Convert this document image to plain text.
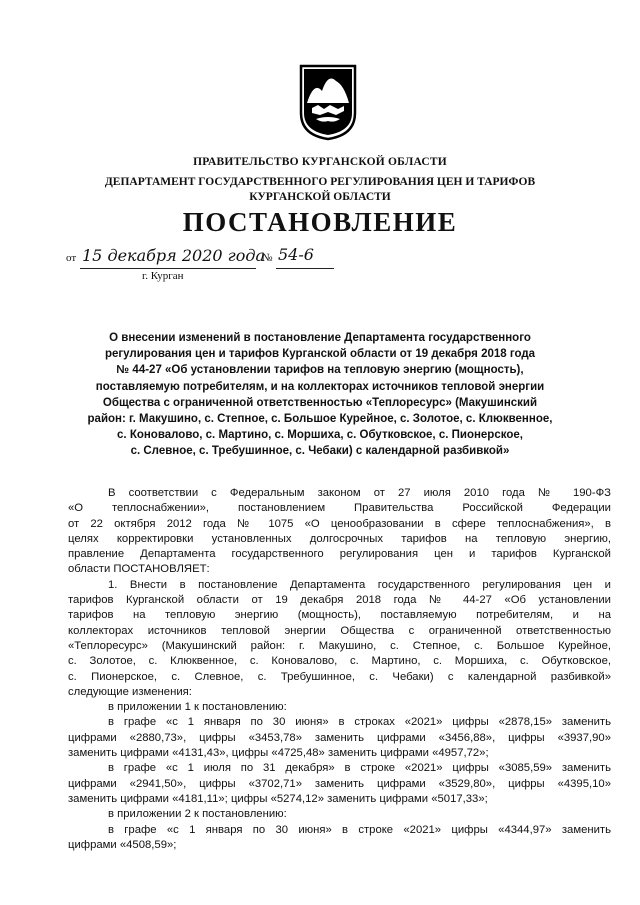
ПРАВИТЕЛЬСТВО КУРГАНСКОЙ ОБЛАСТИ
ДЕПАРТАМЕНТ ГОСУДАРСТВЕННОГО РЕГУЛИРОВАНИЯ ЦЕН И ТАРИФОВ
КУРГАНСКОЙ ОБЛАСТИ
ПОСТАНОВЛЕНИЕ
от 15 декабря 2020 года
№ 54-6
г. Курган
О внесении изменений в постановление Департамента государственного
регулирования цен и тарифов Курганской области от 19 декабря 2018 года
№ 44-27 «Об установлении тарифов на тепловую энергию (мощность),
поставляемую потребителям, и на коллекторах источников тепловой энергии
Общества с ограниченной ответственностью «Теплоресурс» (Макушинский
район: г. Макушино, с. Степное, с. Большое Курейное, с. Золотое, с. Клюквенное,
с. Коновалово, с. Мартино, с. Моршиха, с. Обутковское, с. Пионерское,
с. Слевное, с. Требушинное, с. Чебаки) с календарной разбивкой»
В соответствии с Федеральным законом от 27 июля 2010 года № 190-ФЗ
«О теплоснабжении», постановлением Правительства Российской Федерации
от 22 октября 2012 года № 1075 «О ценообразовании в сфере теплоснабжения», в
целях корректировки установленных долгосрочных тарифов на тепловую энергию,
правление Департамента государственного регулирования цен и тарифов Курганской
области ПОСТАНОВЛЯЕТ:
1. Внести в постановление Департамента государственного регулирования цен и
тарифов Курганской области от 19 декабря 2018 года № 44-27 «Об установлении
тарифов на тепловую энергию (мощность), поставляемую потребителям, и на
коллекторах источников тепловой энергии Общества с ограниченной ответственностью
«Теплоресурс» (Макушинский район: г. Макушино, с. Степное, с. Большое Курейное,
с. Золотое, с. Клюквенное, с. Коновалово, с. Мартино, с. Моршиха, с. Обутковское,
с. Пионерское, с. Слевное, с. Требушинное, с. Чебаки) с календарной разбивкой»
следующие изменения:
в приложении 1 к постановлению:
в графе «с 1 января по 30 июня» в строках «2021» цифры «2878,15» заменить
цифрами «2880,73», цифры «3453,78» заменить цифрами «3456,88», цифры «3937,90»
заменить цифрами «4131,43», цифры «4725,48» заменить цифрами «4957,72»;
в графе «с 1 июля по 31 декабря» в строке «2021» цифры «3085,59» заменить
цифрами «2941,50», цифры «3702,71» заменить цифрами «3529,80», цифры «4395,10»
заменить цифрами «4181,11»; цифры «5274,12» заменить цифрами «5017,33»;
в приложении 2 к постановлению:
в графе «с 1 января по 30 июня» в строке «2021» цифры «4344,97» заменить
цифрами «4508,59»;
